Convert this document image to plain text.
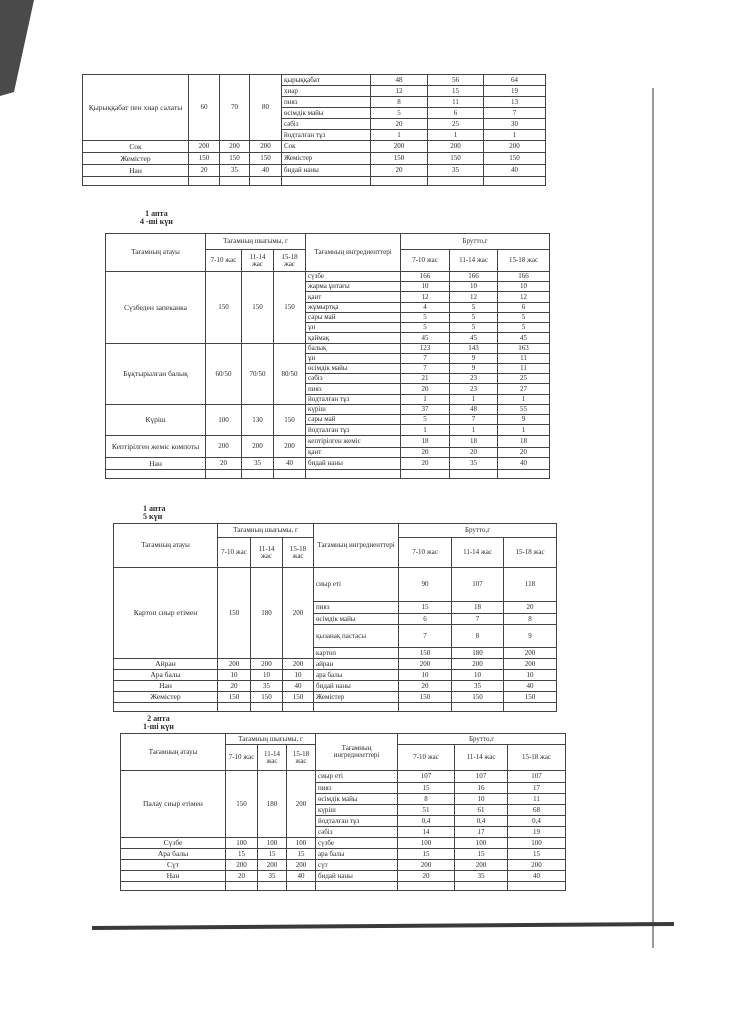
Қырыққабат пен хиар салаты	60	70	80	қырыққабат	48	56	64
				хиар	12	15	19
				пияз	8	11	13
				өсімдік майы	5	6	7
				сәбіз	20	25	30
				йодталған тұз	1	1	1
Сок	200	200	200	Сок	200	200	200
Жемістер	150	150	150	Жемістер	150	150	150
Нан	20	35	40	бидай наны	20	35	40

1 апта
4 -ші күн
Тағамның атауы	Тағамның шығымы, г			Тағамның ингредиенттері	Брутто,г		
	7-10 жас	11-14 жас	15-18 жас		7-10 жас	11-14 жас	15-18 жас
Сүзбеден запеканка	150	150	150	сүзбе	166	166	166
				жарма ұнтағы	10	10	10
				қант	12	12	12
				жұмыртқа	4	5	6
				сары май	5	5	5
				ұн	5	5	5
				қаймақ	45	45	45
Бұқтырылған балық	60/50	70/50	80/50	балық	123	143	163
				ұн	7	9	11
				өсімдік майы	7	9	11
				сәбіз	21	23	25
				пияз	20	23	27
				йодталған тұз	1	1	1
Күріш	100	130	150	күріш	37	48	55
				сары май	5	7	9
				йодталған тұз	1	1	1
Кептірілген жеміс компоты	200	200	200	кептірілген жеміс	18	18	18
				қант	20	20	20
Нан	20	35	40	бидай наны	20	35	40

1 апта
5 күн
Тағамның атауы	Тағамның шығымы, г			Тағамның ингредиенттері	Брутто,г		
	7-10 жас	11-14 жас	15-18 жас		7-10 жас	11-14 жас	15-18 жас
Картоп сиыр етімен	150	180	200	сиыр еті	90	107	118
				пияз	15	18	20
				өсімдік майы	6	7	8
				қызанақ пастасы	7	8	9
				картоп	150	180	200
Айран	200	200	200	айран	200	200	200
Ара балы	10	10	10	ара балы	10	10	10
Нан	20	35	40	бидай наны	20	35	40
Жемістер	150	150	150	Жемістер	150	150	150

2 апта
1-ші күн
Тағамның атауы	Тағамның шығымы, г			Тағамның ингредиенттері	Брутто,г		
	7-10 жас	11-14 жас	15-18 жас		7-10 жас	11-14 жас	15-18 жас
Палау сиыр етімен	150	180	200	сиыр еті	107	107	107
				пияз	15	16	17
				өсімдік майы	8	10	11
				күріш	51	61	68
				йодталған тұз	0,4	0,4	0,4
				сәбіз	14	17	19
Сүзбе	100	100	100	сүзбе	100	100	100
Ара балы	15	15	15	ара балы	15	15	15
Сүт	200	200	200	сүт	200	200	200
Нан	20	35	40	бидай наны	20	35	40
